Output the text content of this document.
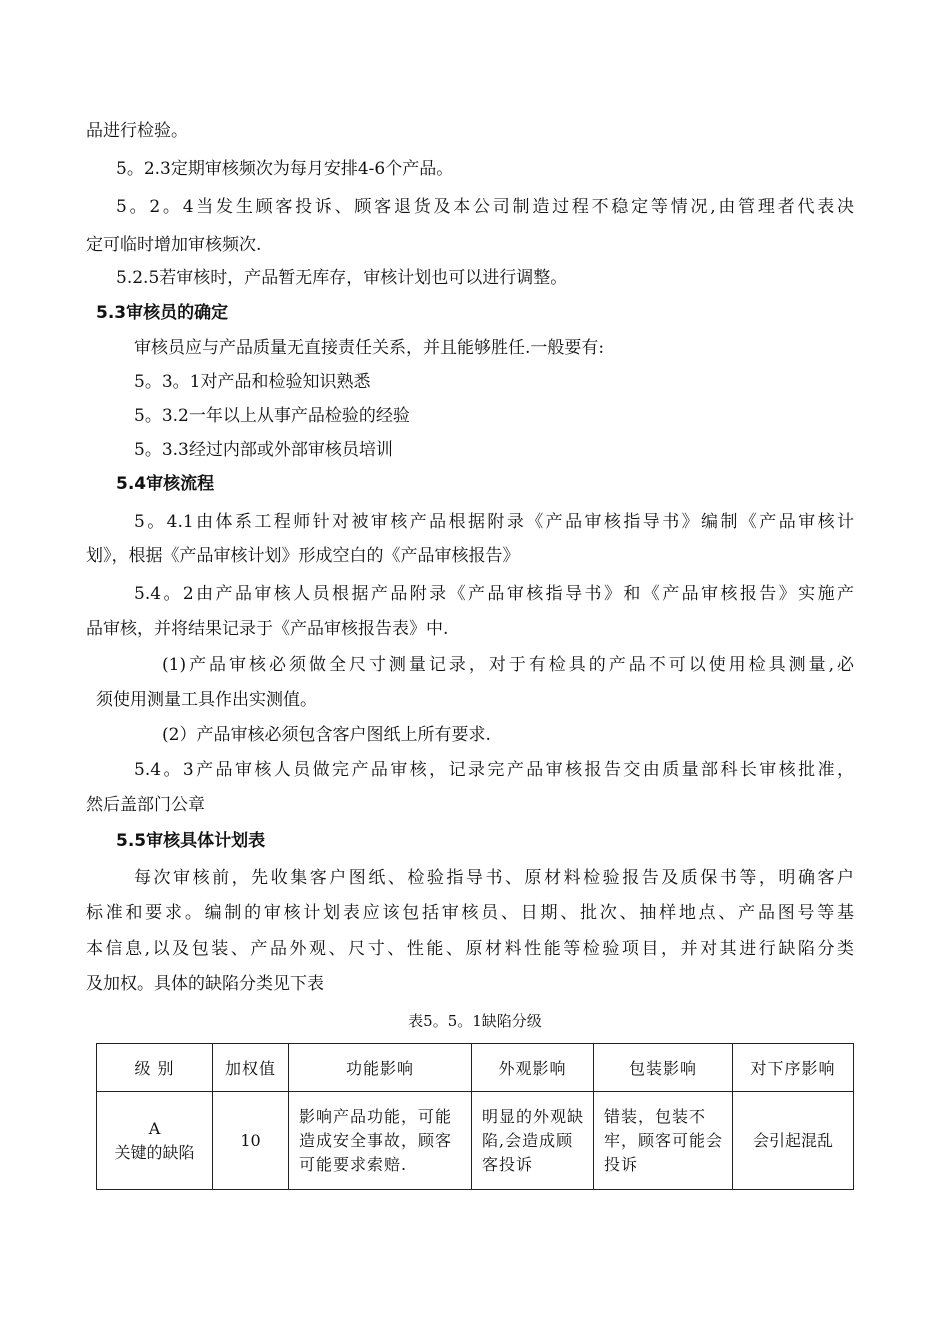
品进行检验。
5。2.3定期审核频次为每月安排4-6个产品。
5。2。4当发生顾客投诉、顾客退货及本公司制造过程不稳定等情况,由管理者代表决
定可临时增加审核频次.
5.2.5若审核时，产品暂无库存，审核计划也可以进行调整。
5.3审核员的确定
审核员应与产品质量无直接责任关系，并且能够胜任.一般要有:
5。3。1对产品和检验知识熟悉
5。3.2一年以上从事产品检验的经验
5。3.3经过内部或外部审核员培训
5.4审核流程
5。4.1由体系工程师针对被审核产品根据附录《产品审核指导书》编制《产品审核计
划》，根据《产品审核计划》形成空白的《产品审核报告》
5.4。2由产品审核人员根据产品附录《产品审核指导书》和《产品审核报告》实施产
品审核，并将结果记录于《产品审核报告表》中.
(1)产品审核必须做全尺寸测量记录，对于有检具的产品不可以使用检具测量,必
须使用测量工具作出实测值。
(2）产品审核必须包含客户图纸上所有要求.
5.4。3产品审核人员做完产品审核，记录完产品审核报告交由质量部科长审核批准，
然后盖部门公章
5.5审核具体计划表
每次审核前，先收集客户图纸、检验指导书、原材料检验报告及质保书等，明确客户
标准和要求。编制的审核计划表应该包括审核员、日期、批次、抽样地点、产品图号等基
本信息,以及包装、产品外观、尺寸、性能、原材料性能等检验项目，并对其进行缺陷分类
及加权。具体的缺陷分类见下表
表5。5。1缺陷分级
级 别	加权值	功能影响	外观影响	包装影响	对下序影响

A
关键的缺陷	10	影响产品功能，可能造成安全事故，顾客可能要求索赔.	明显的外观缺陷,会造成顾客投诉	错装，包装不牢，顾客可能会投诉	会引起混乱
